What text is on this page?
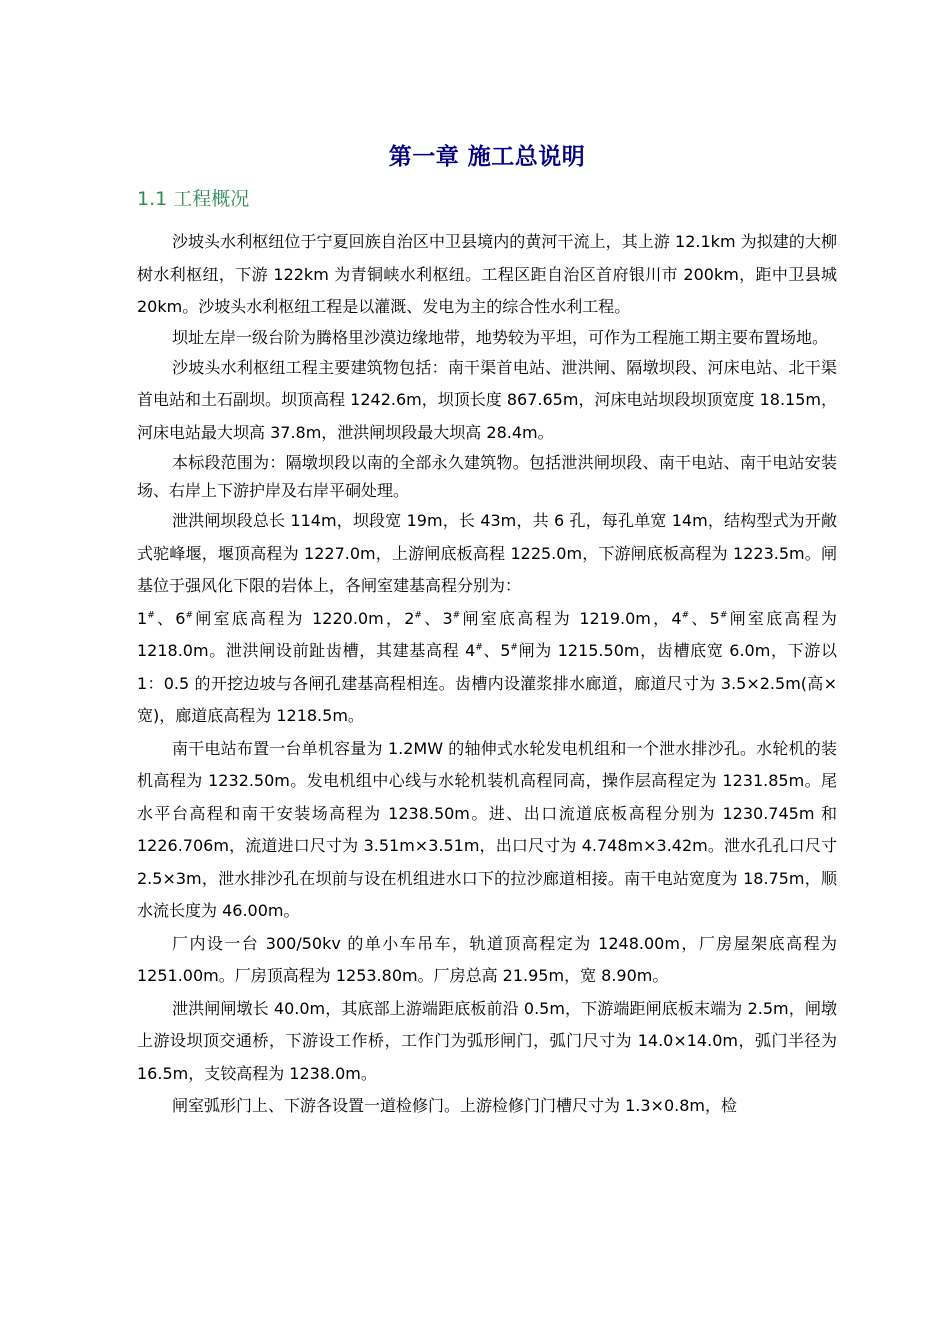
第一章 施工总说明
1.1 工程概况

沙坡头水利枢纽位于宁夏回族自治区中卫县境内的黄河干流上，其上游 12.1km 为拟建的大柳树水利枢纽，下游 122km 为青铜峡水利枢纽。工程区距自治区首府银川市 200km，距中卫县城 20km。沙坡头水利枢纽工程是以灌溉、发电为主的综合性水利工程。

坝址左岸一级台阶为腾格里沙漠边缘地带，地势较为平坦，可作为工程施工期主要布置场地。

沙坡头水利枢纽工程主要建筑物包括：南干渠首电站、泄洪闸、隔墩坝段、河床电站、北干渠首电站和土石副坝。坝顶高程 1242.6m，坝顶长度 867.65m，河床电站坝段坝顶宽度 18.15m，河床电站最大坝高 37.8m，泄洪闸坝段最大坝高 28.4m。

本标段范围为：隔墩坝段以南的全部永久建筑物。包括泄洪闸坝段、南干电站、南干电站安装场、右岸上下游护岸及右岸平硐处理。

泄洪闸坝段总长 114m，坝段宽 19m，长 43m，共 6 孔，每孔单宽 14m，结构型式为开敞式驼峰堰，堰顶高程为 1227.0m，上游闸底板高程 1225.0m，下游闸底板高程为 1223.5m。闸基位于强风化下限的岩体上，各闸室建基高程分别为：

1#、6#闸室底高程为 1220.0m，2#、3#闸室底高程为 1219.0m，4#、5#闸室底高程为 1218.0m。泄洪闸设前趾齿槽，其建基高程 4#、5#闸为 1215.50m，齿槽底宽 6.0m，下游以 1：0.5 的开挖边坡与各闸孔建基高程相连。齿槽内设灌浆排水廊道，廊道尺寸为 3.5×2.5m(高×宽)，廊道底高程为 1218.5m。

南干电站布置一台单机容量为 1.2MW 的轴伸式水轮发电机组和一个泄水排沙孔。水轮机的装机高程为 1232.50m。发电机组中心线与水轮机装机高程同高，操作层高程定为 1231.85m。尾水平台高程和南干安装场高程为 1238.50m。进、出口流道底板高程分别为 1230.745m 和 1226.706m，流道进口尺寸为 3.51m×3.51m，出口尺寸为 4.748m×3.42m。泄水孔孔口尺寸 2.5×3m，泄水排沙孔在坝前与设在机组进水口下的拉沙廊道相接。南干电站宽度为 18.75m，顺水流长度为 46.00m。

厂内设一台 300/50kv 的单小车吊车，轨道顶高程定为 1248.00m，厂房屋架底高程为 1251.00m。厂房顶高程为 1253.80m。厂房总高 21.95m，宽 8.90m。

泄洪闸闸墩长 40.0m，其底部上游端距底板前沿 0.5m，下游端距闸底板末端为 2.5m，闸墩上游设坝顶交通桥，下游设工作桥，工作门为弧形闸门，弧门尺寸为 14.0×14.0m，弧门半径为 16.5m，支铰高程为 1238.0m。

闸室弧形门上、下游各设置一道检修门。上游检修门门槽尺寸为 1.3×0.8m，检
